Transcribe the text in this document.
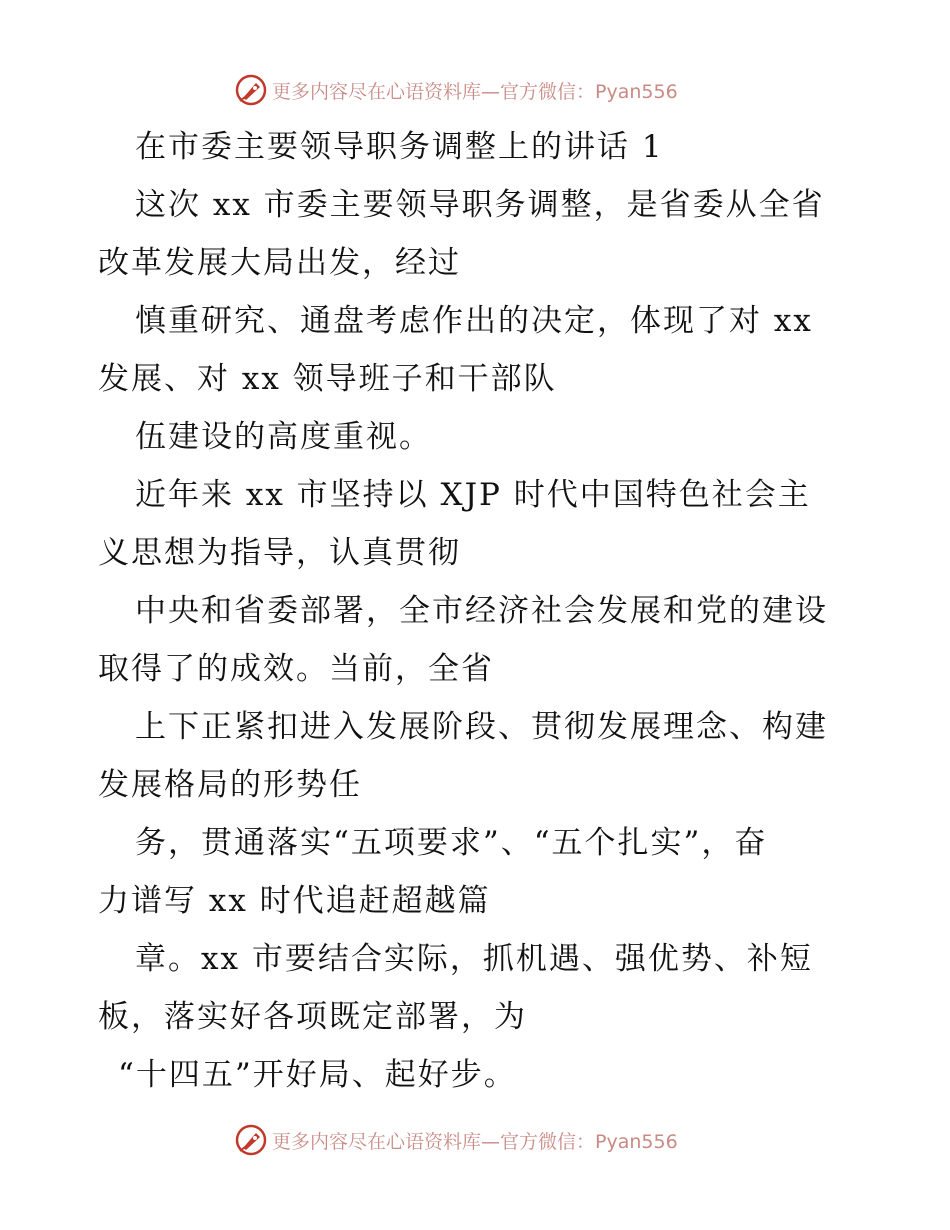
更多内容尽在心语资料库—官方微信：Pyan556
在市委主要领导职务调整上的讲话 1
这次 xx 市委主要领导职务调整，是省委从全省
改革发展大局出发，经过
慎重研究、通盘考虑作出的决定，体现了对 xx
发展、对 xx 领导班子和干部队
伍建设的高度重视。
近年来 xx 市坚持以 XJP 时代中国特色社会主
义思想为指导，认真贯彻
中央和省委部署，全市经济社会发展和党的建设
取得了的成效。当前，全省
上下正紧扣进入发展阶段、贯彻发展理念、构建
发展格局的形势任
务，贯通落实“五项要求”、“五个扎实”，奋
力谱写 xx 时代追赶超越篇
章。xx 市要结合实际，抓机遇、强优势、补短
板，落实好各项既定部署，为
“十四五”开好局、起好步。
更多内容尽在心语资料库—官方微信：Pyan556
